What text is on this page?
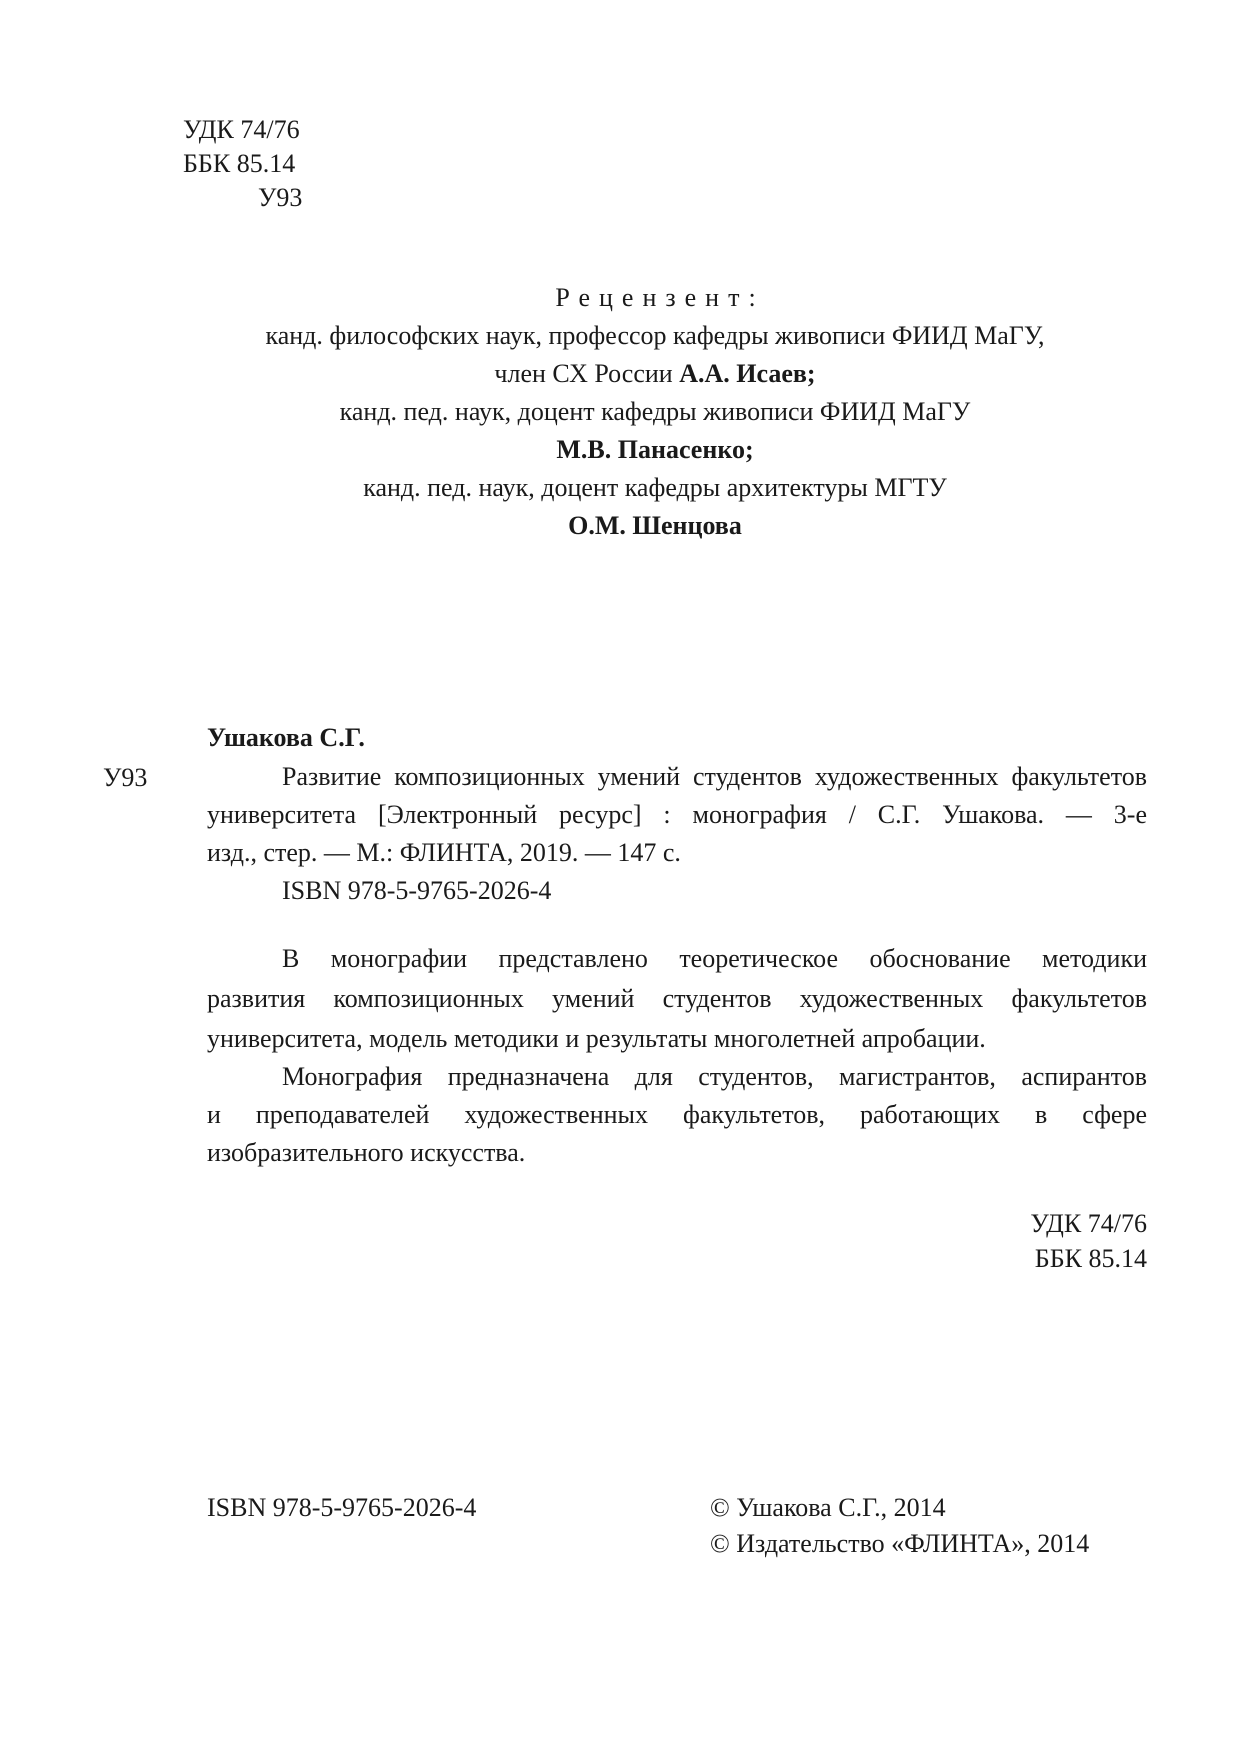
УДК 74/76
ББК 85.14
У93
Рецензент:
канд. философских наук, профессор кафедры живописи ФИИД МаГУ,
член СХ России А.А. Исаев;
канд. пед. наук, доцент кафедры живописи ФИИД МаГУ
М.В. Панасенко;
канд. пед. наук, доцент кафедры архитектуры МГТУ
О.М. Шенцова
Ушакова С.Г.
У93	Развитие композиционных умений студентов художественных факультетов
университета [Электронный ресурс] : монография / С.Г. Ушакова. — 3-е
изд., стер. — М.: ФЛИНТА, 2019. — 147 с.
ISBN 978-5-9765-2026-4
В монографии представлено теоретическое обоснование методики
развития композиционных умений студентов художественных факультетов
университета, модель методики и результаты многолетней апробации.
Монография предназначена для студентов, магистрантов, аспирантов
и преподавателей художественных факультетов, работающих в сфере
изобразительного искусства.
УДК 74/76
ББК 85.14
ISBN 978-5-9765-2026-4	© Ушакова С.Г., 2014
© Издательство «ФЛИНТА», 2014
